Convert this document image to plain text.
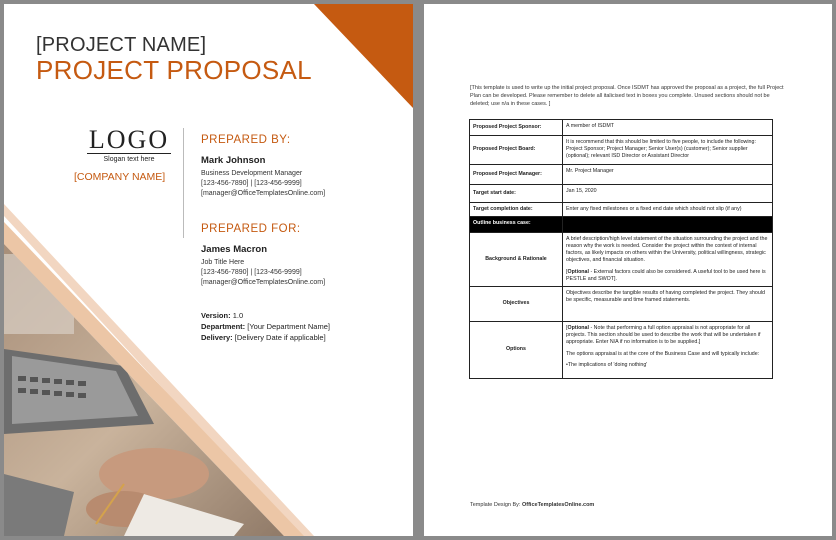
[PROJECT NAME]
PROJECT PROPOSAL
LOGO
Slogan text here
[COMPANY NAME]
PREPARED BY:
Mark Johnson
Business Development Manager
[123-456-7890] | [123-456-9999]
[manager@OfficeTemplatesOnline.com]
PREPARED FOR:
James Macron
Job Title Here
[123-456-7890] | [123-456-9999]
[manager@OfficeTemplatesOnline.com]
Version: 1.0
Department: [Your Department Name]
Delivery: [Delivery Date if applicable]
[This template is used to write up the initial project proposal. Once ISDMT has approved the proposal as a project, the full Project Plan can be developed. Please remember to delete all italicised text in boxes you complete. Unused sections should not be deleted; use n/a in these cases. ]
Proposed Project Sponsor:	A member of ISDMT
Proposed Project Board:	It is recommend that this should be limited to five people, to include the following: Project Sponsor; Project Manager; Senior User(s) (customer); Senior supplier (optional); relevant ISD Director or Assistant Director
Proposed Project Manager:	Mr. Project Manager
Target start date:	Jan 15, 2020
Target completion date:	Enter any fixed milestones or a fixed end date which should not slip (if any)
Outline business case:	
Background & Rationale	A brief description/high level statement of the situation surrounding the project and the reason why the work is needed. Consider the project within the context of internal factors, as likely impacts on others within the University, political willingness, strategic objectives, and financial situation.

[Optional - External factors could also be considered. A useful tool to be used here is PESTLE and SWOT].

Objectives	Objectives describe the tangible results of having completed the project. They should be specific, measurable and time framed statements.
Options	[Optional - Note that performing a full option appraisal is not appropriate for all projects. This section should be used to describe the work that will be undertaken if appropriate. Enter N/A if no information is to be supplied.]

The options appraisal is at the core of the Business Case and will typically include:

•The implications of 'doing nothing'

Template Design By: OfficeTemplatesOnline.com
